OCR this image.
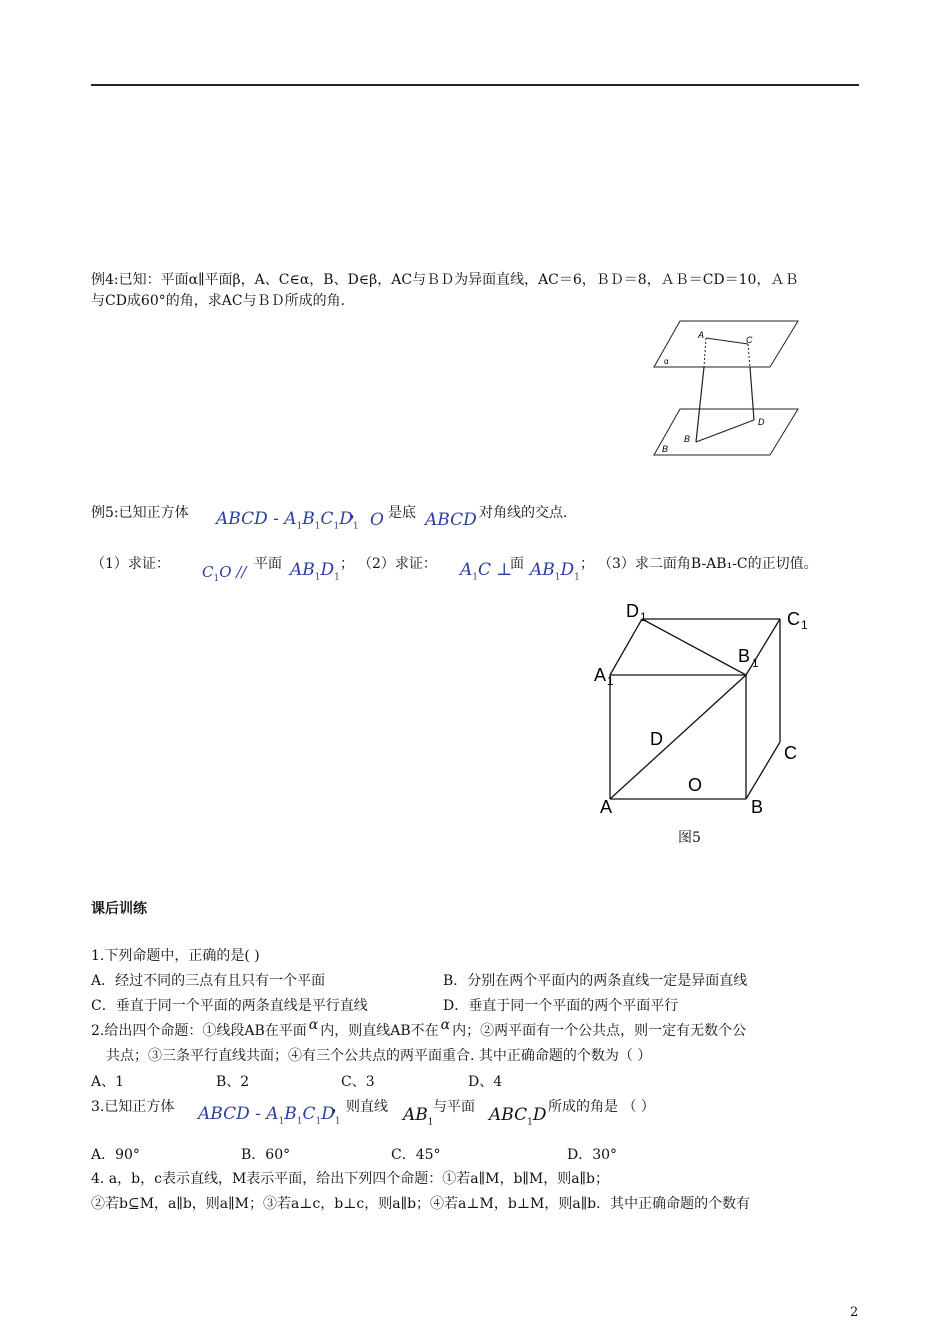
例4:已知：平面α∥平面β，A、C∈α，B、D∈β，AC与ＢＤ为异面直线，AC＝6，ＢＤ＝8，ＡＢ＝CD＝10，ＡＢ
与CD成60°的角，求AC与ＢＤ所成的角．
A	C
α
B
D
B
例5:已知正方体 ABCD - $A_1B_1C_1D_1$
， O 是底 ABCD 对角线的交点.
（1）求证： $C_1O$ // 平面 $AB_1D_1$
； （2）求证： $A_1C$ ⊥
面 $AB_1D_1$
； （3）求二面角B-AB₁-C的正切值。
D 1	C 1
B 1
A 1
D
C
O
A	B
图5
课后训练
1.下列命题中，正确的是( )
A．经过不同的三点有且只有一个平面	B．分别在两个平面内的两条直线一定是异面直线
C．垂直于同一个平面的两条直线是平行直线	D．垂直于同一个平面的两个平面平行
2.给出四个命题：①线段AB在平面 α 内，则直线AB不在 α 内；②两平面有一个公共点，则一定有无数个公
共点；③三条平行直线共面；④有三个公共点的两平面重合. 其中正确命题的个数为（ ）
A、1	B、2	C、3	D、4
3.已知正方体 ABCD - $A_1B_1C_1D_1$
，则直线 $AB_1$
与平面 $ABC_1D$ 所成的角是 （ ）
A．90°	B．60°	C．45°	D．30°
4. a，b，c表示直线，M表示平面，给出下列四个命题：①若a∥M，b∥M，则a∥b；
②若b⊆M，a∥b，则a∥M；③若a⊥c，b⊥c，则a∥b；④若a⊥M，b⊥M，则a∥b．其中正确命题的个数有
2
